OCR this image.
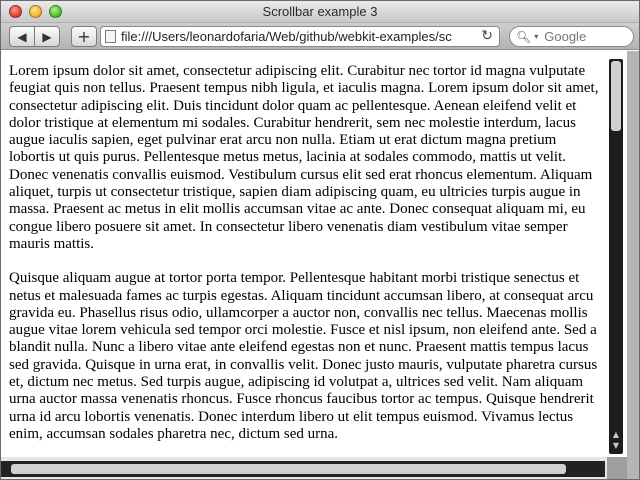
Scrollbar example 3
◀ ▶ + file:///Users/leonardofaria/Web/github/webkit-examples/sc	↻ 🔍︎ ▾
Google

Lorem ipsum dolor sit amet, consectetur adipiscing elit. Curabitur nec tortor id magna vulputate feugiat quis non tellus. Praesent tempus nibh ligula, et iaculis magna. Lorem ipsum dolor sit amet, consectetur adipiscing elit. Duis tincidunt dolor quam ac pellentesque. Aenean eleifend velit et dolor tristique at elementum mi sodales. Curabitur hendrerit, sem nec molestie interdum, lacus augue iaculis sapien, eget pulvinar erat arcu non nulla. Etiam ut erat dictum magna pretium lobortis ut quis purus. Pellentesque metus metus, lacinia at sodales commodo, mattis ut velit. Donec venenatis convallis euismod. Vestibulum cursus elit sed erat rhoncus elementum. Aliquam aliquet, turpis ut consectetur tristique, sapien diam adipiscing quam, eu ultricies turpis augue in massa. Praesent ac metus in elit mollis accumsan vitae ac ante. Donec consequat aliquam mi, eu congue libero posuere sit amet. In consectetur libero venenatis diam vestibulum vitae semper mauris mattis.

Quisque aliquam augue at tortor porta tempor. Pellentesque habitant morbi tristique senectus et netus et malesuada fames ac turpis egestas. Aliquam tincidunt accumsan libero, at consequat arcu gravida eu. Phasellus risus odio, ullamcorper a auctor non, convallis nec tellus. Maecenas mollis augue vitae lorem vehicula sed tempor orci molestie. Fusce et nisl ipsum, non eleifend ante. Sed a blandit nulla. Nunc a libero vitae ante eleifend egestas non et nunc. Praesent mattis tempus lacus sed gravida. Quisque in urna erat, in convallis velit. Donec justo mauris, vulputate pharetra cursus et, dictum nec metus. Sed turpis augue, adipiscing id volutpat a, ultrices sed velit. Nam aliquam urna auctor massa venenatis rhoncus. Fusce rhoncus faucibus tortor ac tempus. Quisque hendrerit urna id arcu lobortis venenatis. Donec interdum libero ut elit tempus euismod. Vivamus lectus enim, accumsan sodales pharetra nec, dictum sed urna.	▲
▼
